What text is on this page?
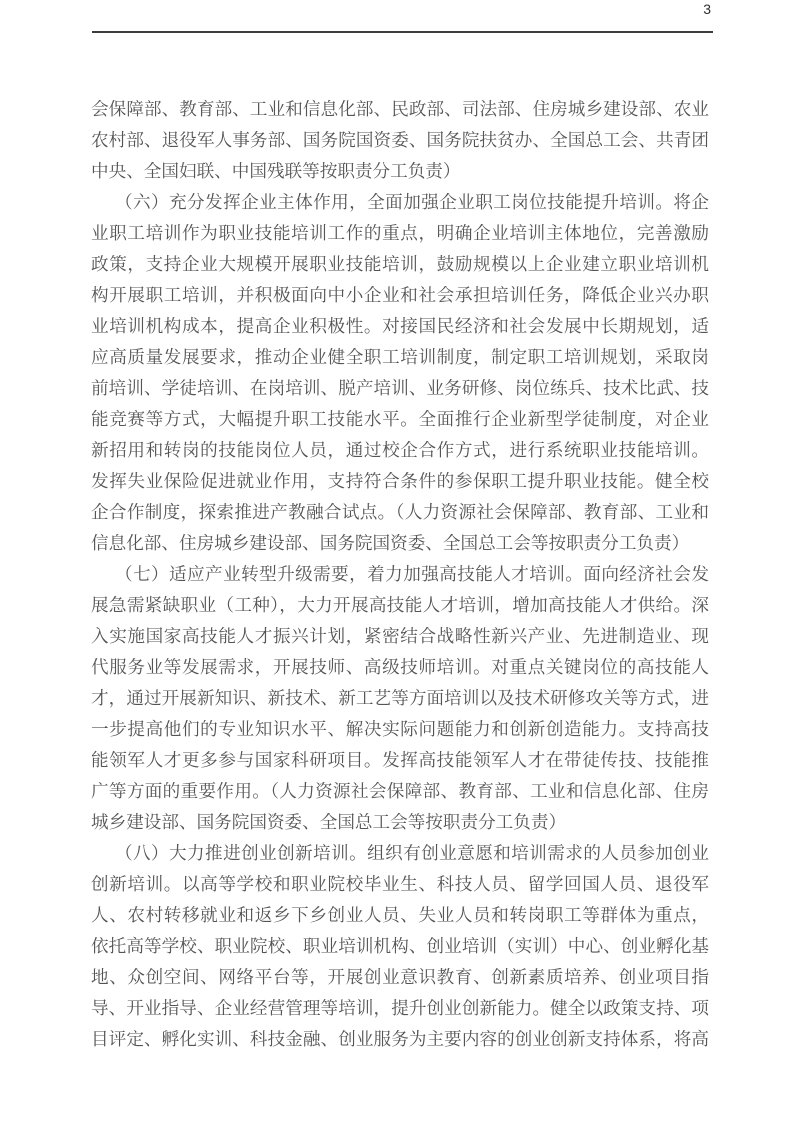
3
会保障部、教育部、工业和信息化部、民政部、司法部、住房城乡建设部、农业
农村部、退役军人事务部、国务院国资委、国务院扶贫办、全国总工会、共青团
中央、全国妇联、中国残联等按职责分工负责）
（六）充分发挥企业主体作用，全面加强企业职工岗位技能提升培训。将企
业职工培训作为职业技能培训工作的重点，明确企业培训主体地位，完善激励
政策，支持企业大规模开展职业技能培训，鼓励规模以上企业建立职业培训机
构开展职工培训，并积极面向中小企业和社会承担培训任务，降低企业兴办职
业培训机构成本，提高企业积极性。对接国民经济和社会发展中长期规划，适
应高质量发展要求，推动企业健全职工培训制度，制定职工培训规划，采取岗
前培训、学徒培训、在岗培训、脱产培训、业务研修、岗位练兵、技术比武、技
能竞赛等方式，大幅提升职工技能水平。全面推行企业新型学徒制度，对企业
新招用和转岗的技能岗位人员，通过校企合作方式，进行系统职业技能培训。
发挥失业保险促进就业作用，支持符合条件的参保职工提升职业技能。健全校
企合作制度，探索推进产教融合试点。（人力资源社会保障部、教育部、工业和
信息化部、住房城乡建设部、国务院国资委、全国总工会等按职责分工负责）
（七）适应产业转型升级需要，着力加强高技能人才培训。面向经济社会发
展急需紧缺职业（工种），大力开展高技能人才培训，增加高技能人才供给。深
入实施国家高技能人才振兴计划，紧密结合战略性新兴产业、先进制造业、现
代服务业等发展需求，开展技师、高级技师培训。对重点关键岗位的高技能人
才，通过开展新知识、新技术、新工艺等方面培训以及技术研修攻关等方式，进
一步提高他们的专业知识水平、解决实际问题能力和创新创造能力。支持高技
能领军人才更多参与国家科研项目。发挥高技能领军人才在带徒传技、技能推
广等方面的重要作用。（人力资源社会保障部、教育部、工业和信息化部、住房
城乡建设部、国务院国资委、全国总工会等按职责分工负责）
（八）大力推进创业创新培训。组织有创业意愿和培训需求的人员参加创业
创新培训。以高等学校和职业院校毕业生、科技人员、留学回国人员、退役军
人、农村转移就业和返乡下乡创业人员、失业人员和转岗职工等群体为重点，
依托高等学校、职业院校、职业培训机构、创业培训（实训）中心、创业孵化基
地、众创空间、网络平台等，开展创业意识教育、创新素质培养、创业项目指
导、开业指导、企业经营管理等培训，提升创业创新能力。健全以政策支持、项
目评定、孵化实训、科技金融、创业服务为主要内容的创业创新支持体系，将高
